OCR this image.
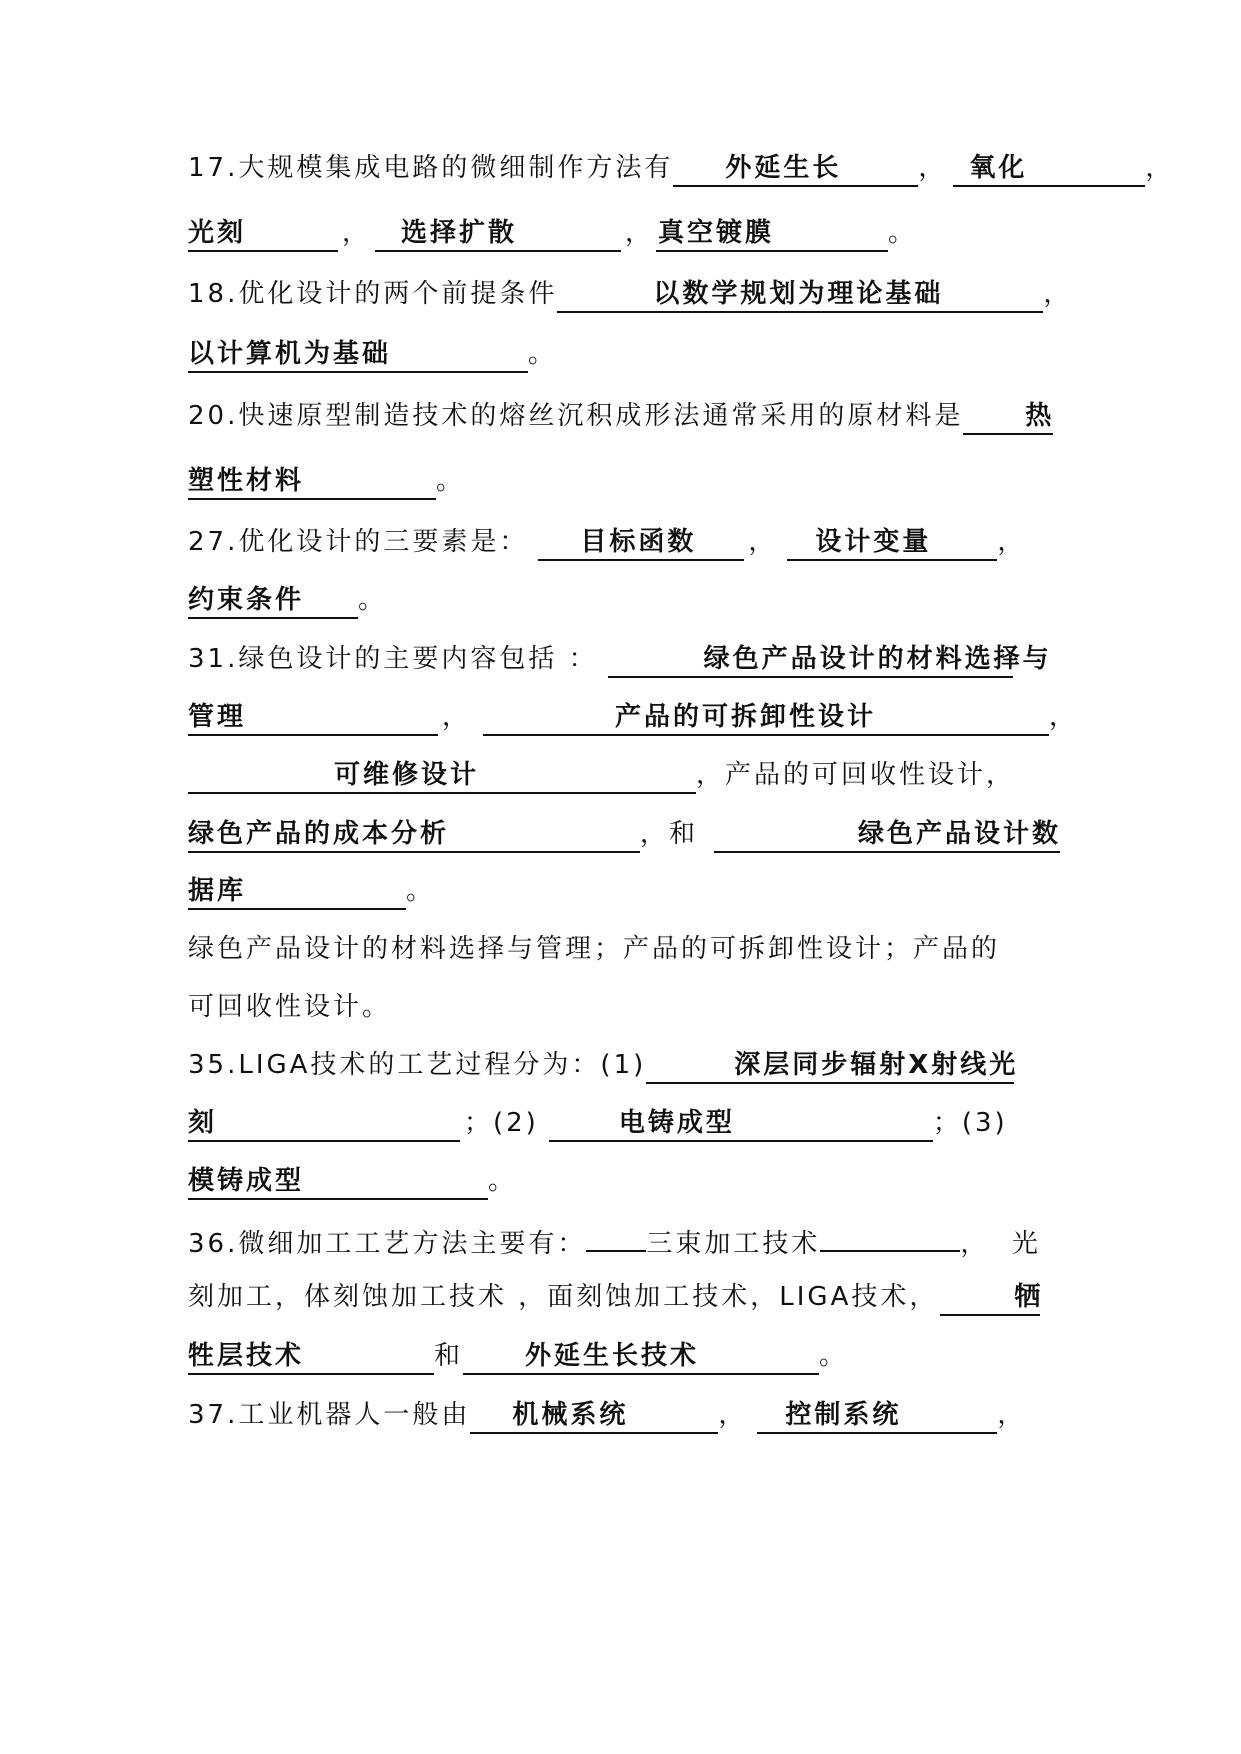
17.大规模集成电路的微细制作方法有 外延生长	， 氧化	，
光刻	， 选择扩散	， 真空镀膜	。
18.优化设计的两个前提条件	以数学规划为理论基础	，
以计算机为基础	。
20.快速原型制造技术的熔丝沉积成形法通常采用的原材料是 热
塑性材料	。
27.优化设计的三要素是： 目标函数 ， 设计变量	，
约束条件 。
31.绿色设计的主要内容包括 ：	绿色产品设计的材料选择与
管理	，	产品的可拆卸性设计	，
可维修设计	，产品的可回收性设计，
绿色产品的成本分析	，和	绿色产品设计数
据库	。
绿色产品设计的材料选择与管理；产品的可拆卸性设计；产品的
可回收性设计。
35.LIGA技术的工艺过程分为：(1)	深层同步辐射X射线光
刻	；(2)	电铸成型	；(3)
模铸成型	。
36.微细加工工艺方法主要有： 三束加工技术	，  光
刻加工，体刻蚀加工技术 ，面刻蚀加工技术，LIGA技术，	牺
牲层技术	和 外延生长技术	。
37.工业机器人一般由 机械系统	， 控制系统	，
